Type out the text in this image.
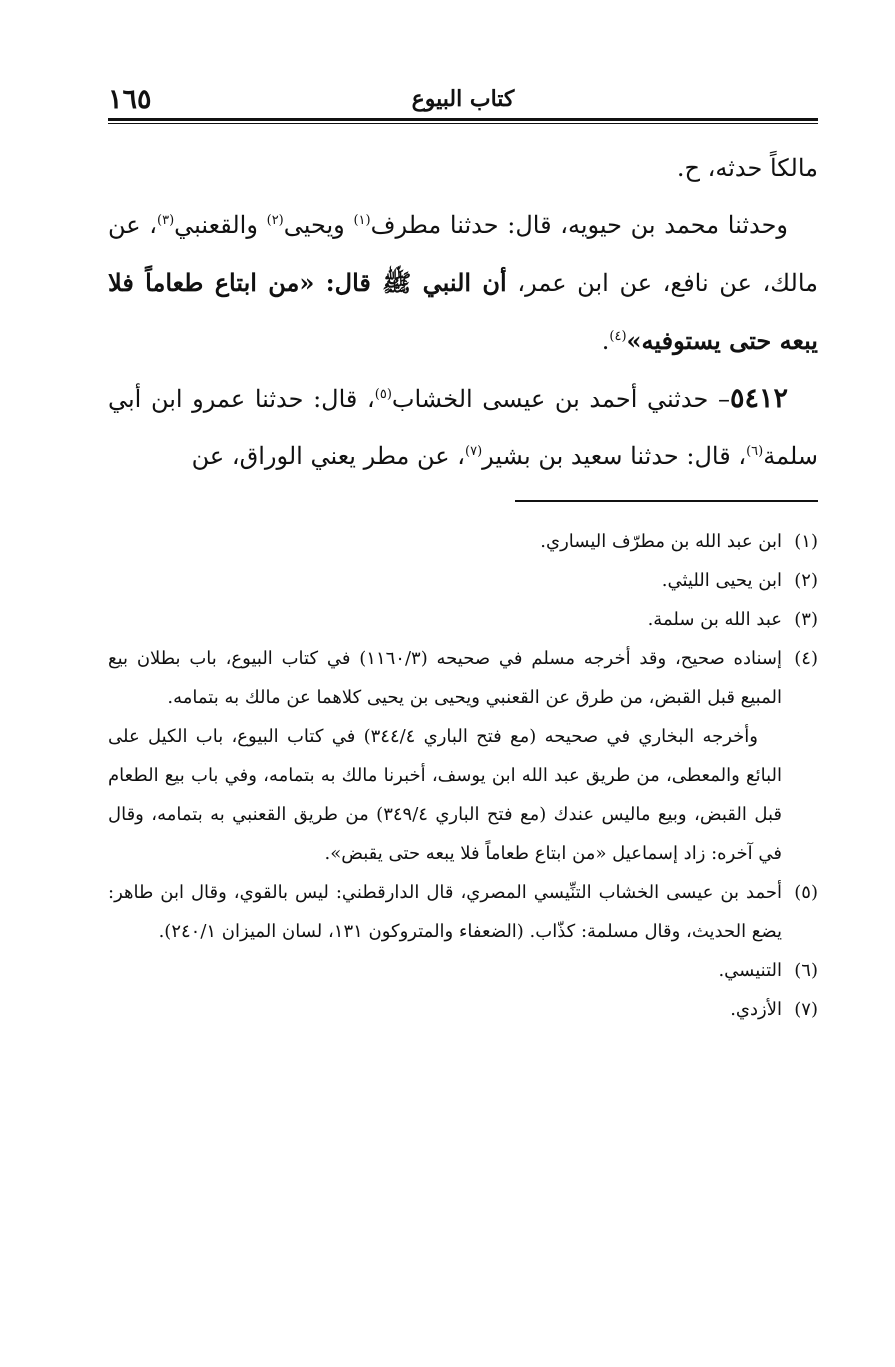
١٦٥	كتاب البيوع

مالكاً حدثه، ح.

وحدثنا محمد بن حيويه، قال: حدثنا مطرف$^{(١)}$ ويحيى$^{(٢)}$ والقعنبي$^{(٣)}$، عن مالك، عن نافع، عن ابن عمر، أن النبي ﷺ قال: «من ابتاع طعاماً فلا يبعه حتى يستوفيه»$^{(٤)}$.

٥٤١٢– حدثني أحمد بن عيسى الخشاب$^{(٥)}$، قال: حدثنا عمرو ابن أبي سلمة$^{(٦)}$، قال: حدثنا سعيد بن بشير$^{(٧)}$، عن مطر يعني الوراق، عن

(١)
ابن عبد الله بن مطرّف اليساري.
(٢)
ابن يحيى الليثي.
(٣)
عبد الله بن سلمة.
(٤)
إسناده صحيح، وقد أخرجه مسلم في صحيحه (١١٦٠/٣) في كتاب البيوع، باب بطلان بيع المبيع قبل القبض، من طرق عن القعنبي ويحيى بن يحيى كلاهما عن مالك به بتمامه.
وأخرجه البخاري في صحيحه (مع فتح الباري ٣٤٤/٤) في كتاب البيوع، باب الكيل على البائع والمعطى، من طريق عبد الله ابن يوسف، أخبرنا مالك به بتمامه، وفي باب بيع الطعام قبل القبض، وبيع ماليس عندك (مع فتح الباري ٣٤٩/٤) من طريق القعنبي به بتمامه، وقال في آخره: زاد إسماعيل «من ابتاع طعاماً فلا يبعه حتى يقبض».
(٥)
أحمد بن عيسى الخشاب التنِّيسي المصري، قال الدارقطني: ليس بالقوي، وقال ابن طاهر: يضع الحديث، وقال مسلمة: كذّاب. (الضعفاء والمتروكون ١٣١، لسان الميزان ٢٤٠/١).
(٦)
التنيسي.
(٧)
الأزدي.
